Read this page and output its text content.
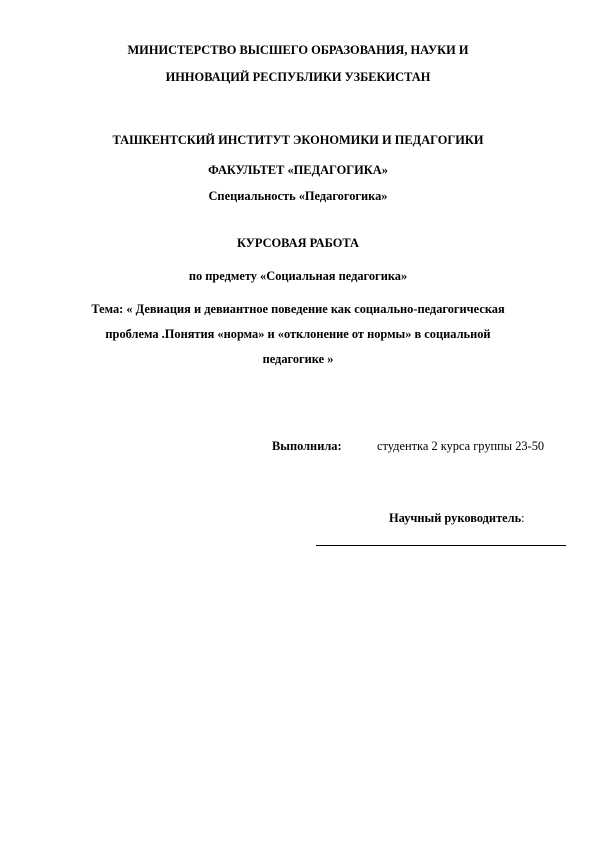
МИНИСТЕРСТВО ВЫСШЕГО ОБРАЗОВАНИЯ, НАУКИ И
ИННОВАЦИЙ РЕСПУБЛИКИ УЗБЕКИСТАН
ТАШКЕНТСКИЙ ИНСТИТУТ ЭКОНОМИКИ И ПЕДАГОГИКИ
ФАКУЛЬТЕТ «ПЕДАГОГИКА»
Специальность «Педагогогика»
КУРСОВАЯ РАБОТА
по предмету «Социальная педагогика»
Тема: « Девиация и девиантное поведение как социально-педагогическая
проблема .Понятия «норма» и «отклонение от нормы» в социальной
педагогике »
Выполнила:	студентка 2 курса группы 23-50
Научный руководитель:
